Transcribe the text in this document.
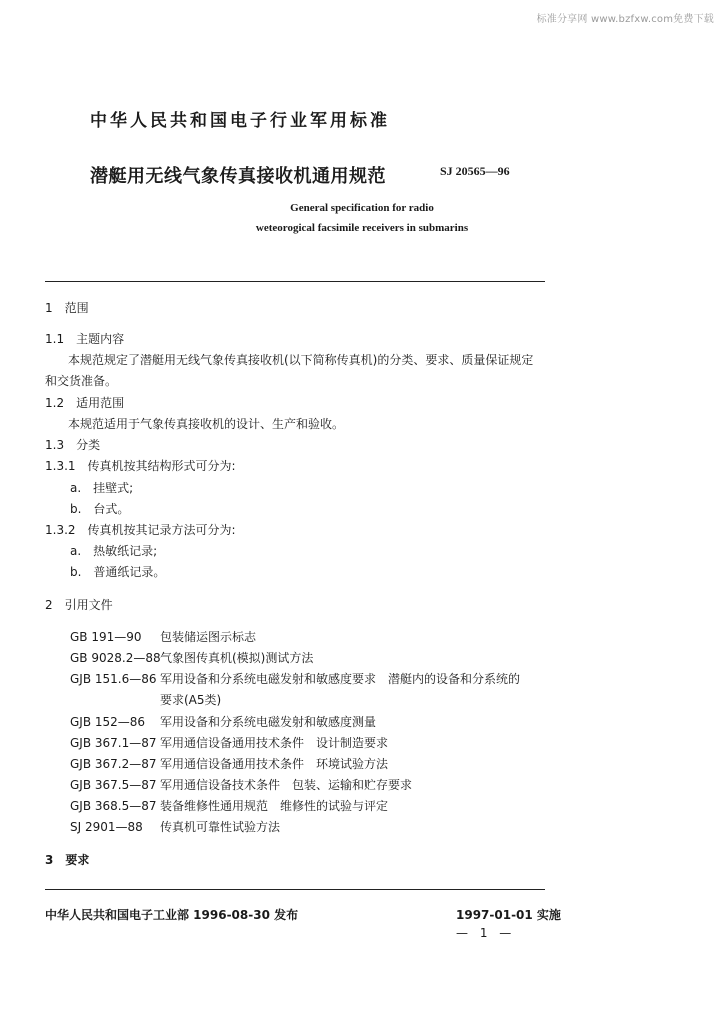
标准分享网 www.bzfxw.com免费下载
中华人民共和国电子行业军用标准
潜艇用无线气象传真接收机通用规范	SJ 20565—96
General specification for radio
weteorogical facsimile receivers in submarins
1　范围
1.1　主题内容
本规范规定了潜艇用无线气象传真接收机(以下简称传真机)的分类、要求、质量保证规定
和交货准备。
1.2　适用范围
本规范适用于气象传真接收机的设计、生产和验收。
1.3　分类
1.3.1　传真机按其结构形式可分为:
a.　挂壁式;
b.　台式。
1.3.2　传真机按其记录方法可分为:
a.　热敏纸记录;
b.　普通纸记录。
2　引用文件
GB 191—90 包装储运图示标志
GB 9028.2—88 气象图传真机(模拟)测试方法
GJB 151.6—86 军用设备和分系统电磁发射和敏感度要求　潜艇内的设备和分系统的
要求(A5类)
GJB 152—86 军用设备和分系统电磁发射和敏感度测量
GJB 367.1—87 军用通信设备通用技术条件　设计制造要求
GJB 367.2—87 军用通信设备通用技术条件　环境试验方法
GJB 367.5—87 军用通信设备技术条件　包装、运输和贮存要求
GJB 368.5—87 装备维修性通用规范　维修性的试验与评定
SJ 2901—88 传真机可靠性试验方法
3　要求
中华人民共和国电子工业部 1996-08-30 发布	1997-01-01 实施
— 1 —
